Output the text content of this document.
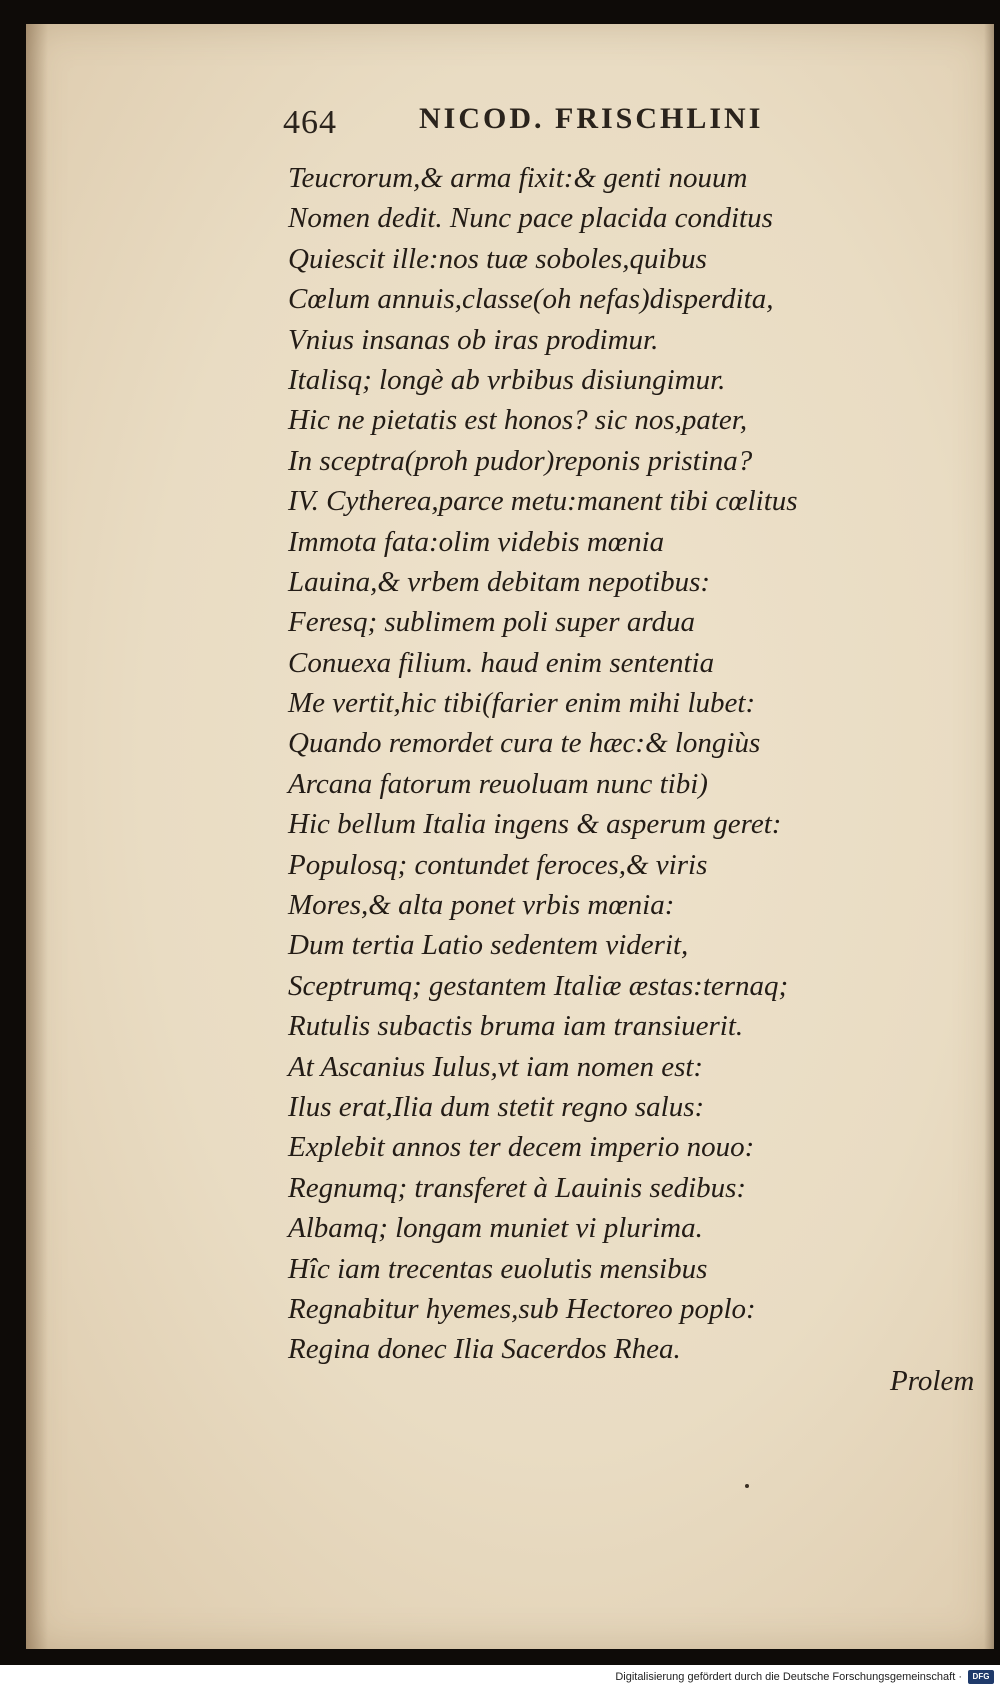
464	NICOD. FRISCHLINI
Teucrorum,& arma fixit:& genti nouum
Nomen dedit. Nunc pace placida conditus
Quiescit ille:nos tuæ soboles,quibus
Cœlum annuis,classe(oh nefas)disperdita,
Vnius insanas ob iras prodimur.
Italisq; longè ab vrbibus disiungimur.
Hic ne pietatis est honos? sic nos,pater,
In sceptra(proh pudor)reponis pristina?
IV. Cytherea,parce metu:manent tibi cœlitus
Immota fata:olim videbis mœnia
Lauina,& vrbem debitam nepotibus:
Feresq; sublimem poli super ardua
Conuexa filium. haud enim sententia
Me vertit,hic tibi(farier enim mihi lubet:
Quando remordet cura te hæc:& longiùs
Arcana fatorum reuoluam nunc tibi)
Hic bellum Italia ingens & asperum geret:
Populosq; contundet feroces,& viris
Mores,& alta ponet vrbis mœnia:
Dum tertia Latio sedentem viderit,
Sceptrumq; gestantem Italiæ æstas:ternaq;
Rutulis subactis bruma iam transiuerit.
At Ascanius Iulus,vt iam nomen est:
Ilus erat,Ilia dum stetit regno salus:
Explebit annos ter decem imperio nouo:
Regnumq; transferet à Lauinis sedibus:
Albamq; longam muniet vi plurima.
Hîc iam trecentas euolutis mensibus
Regnabitur hyemes,sub Hectoreo poplo:
Regina donec Ilia Sacerdos Rhea.
Prolem
Digitalisierung gefördert durch die Deutsche Forschungsgemeinschaft ·	DFG
